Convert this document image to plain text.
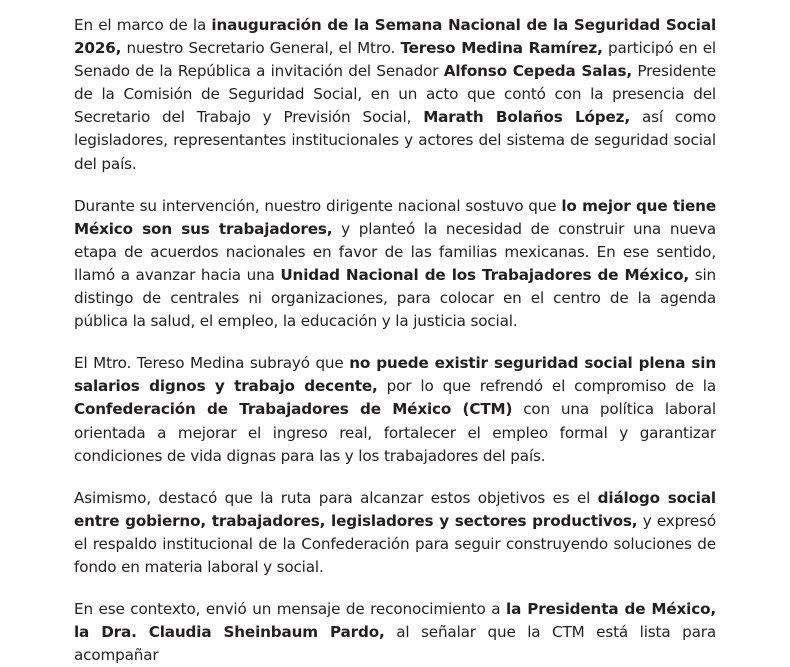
En el marco de la inauguración de la Semana Nacional de la Seguridad Social 2026, nuestro Secretario General, el Mtro. Tereso Medina Ramírez, participó en el Senado de la República a invitación del Senador Alfonso Cepeda Salas, Presidente de la Comisión de Seguridad Social, en un acto que contó con la presencia del Secretario del Trabajo y Previsión Social, Marath Bolaños López, así como legisladores, representantes institucionales y actores del sistema de seguridad social del país.

Durante su intervención, nuestro dirigente nacional sostuvo que lo mejor que tiene México son sus trabajadores, y planteó la necesidad de construir una nueva etapa de acuerdos nacionales en favor de las familias mexicanas. En ese sentido, llamó a avanzar hacia una Unidad Nacional de los Trabajadores de México, sin distingo de centrales ni organizaciones, para colocar en el centro de la agenda pública la salud, el empleo, la educación y la justicia social.

El Mtro. Tereso Medina subrayó que no puede existir seguridad social plena sin salarios dignos y trabajo decente, por lo que refrendó el compromiso de la Confederación de Trabajadores de México (CTM) con una política laboral orientada a mejorar el ingreso real, fortalecer el empleo formal y garantizar condiciones de vida dignas para las y los trabajadores del país.

Asimismo, destacó que la ruta para alcanzar estos objetivos es el diálogo social entre gobierno, trabajadores, legisladores y sectores productivos, y expresó el respaldo institucional de la Confederación para seguir construyendo soluciones de fondo en materia laboral y social.

En ese contexto, envió un mensaje de reconocimiento a la Presidenta de México, la Dra. Claudia Sheinbaum Pardo, al señalar que la CTM está lista para acompañar
